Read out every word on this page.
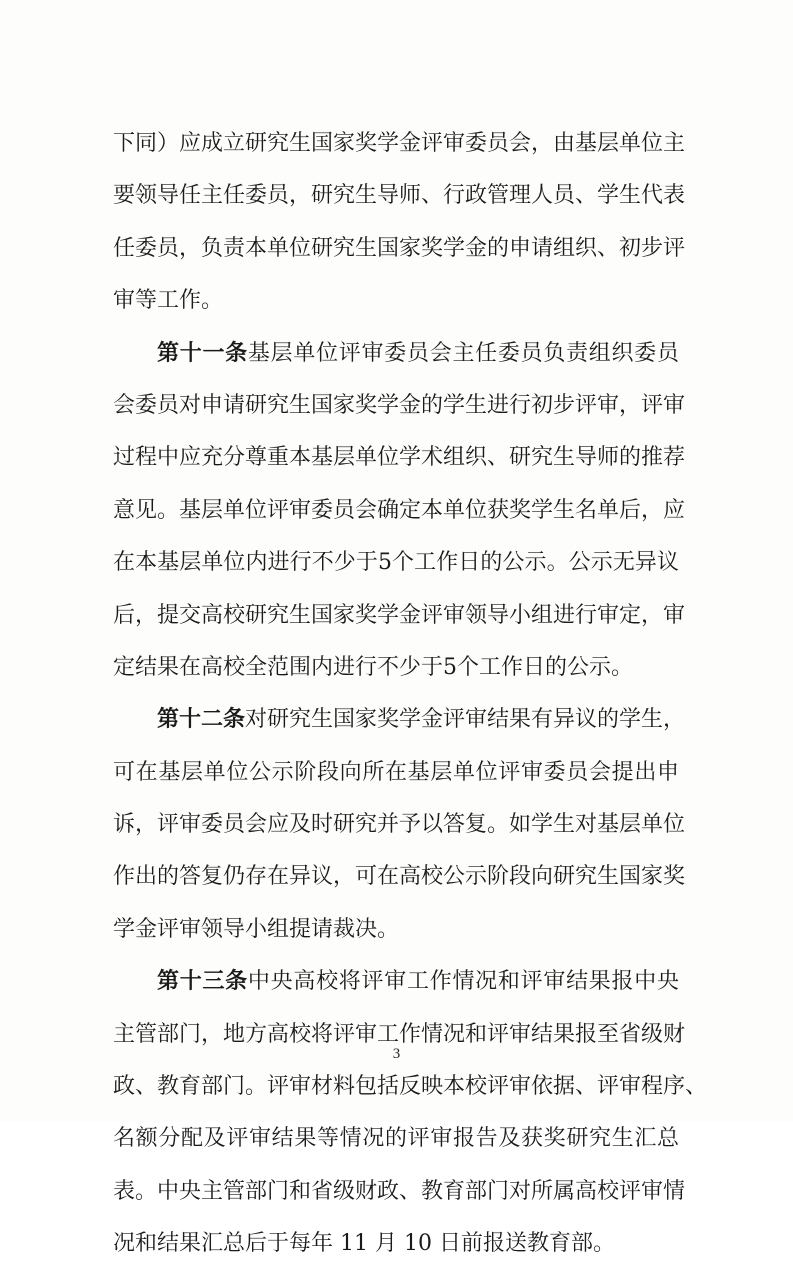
下同）应成立研究生国家奖学金评审委员会，由基层单位主
要领导任主任委员，研究生导师、行政管理人员、学生代表
任委员，负责本单位研究生国家奖学金的申请组织、初步评
审等工作。
第十一条基层单位评审委员会主任委员负责组织委员
会委员对申请研究生国家奖学金的学生进行初步评审，评审
过程中应充分尊重本基层单位学术组织、研究生导师的推荐
意见。基层单位评审委员会确定本单位获奖学生名单后，应
在本基层单位内进行不少于5个工作日的公示。公示无异议
后，提交高校研究生国家奖学金评审领导小组进行审定，审
定结果在高校全范围内进行不少于5个工作日的公示。
第十二条对研究生国家奖学金评审结果有异议的学生，
可在基层单位公示阶段向所在基层单位评审委员会提出申
诉，评审委员会应及时研究并予以答复。如学生对基层单位
作出的答复仍存在异议，可在高校公示阶段向研究生国家奖
学金评审领导小组提请裁决。
第十三条中央高校将评审工作情况和评审结果报中央
主管部门，地方高校将评审工作情况和评审结果报至省级财
政、教育部门。评审材料包括反映本校评审依据、评审程序、
名额分配及评审结果等情况的评审报告及获奖研究生汇总
表。中央主管部门和省级财政、教育部门对所属高校评审情
况和结果汇总后于每年 11 月 10 日前报送教育部。
3
